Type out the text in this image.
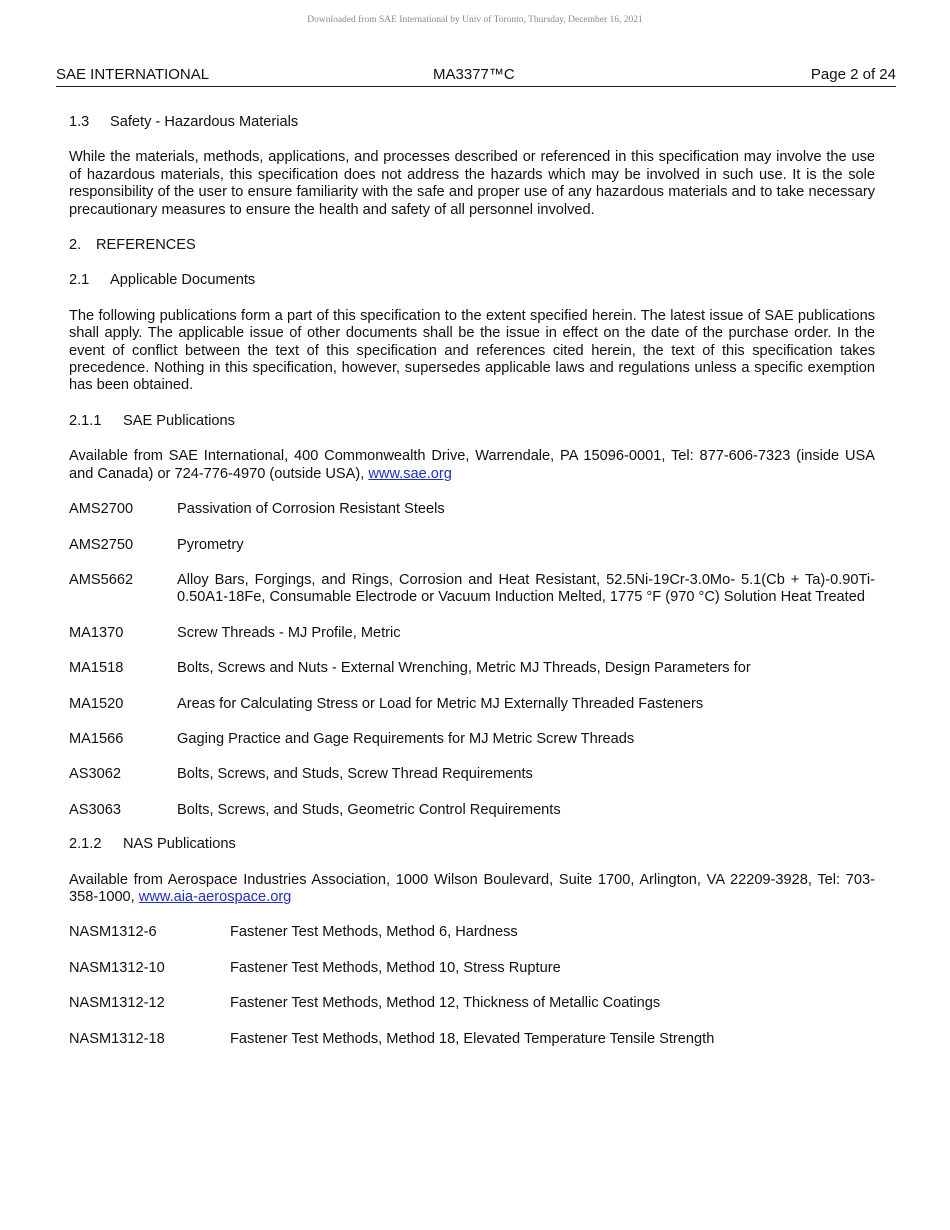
Downloaded from SAE International by Univ of Toronto, Thursday, December 16, 2021
SAE INTERNATIONAL	MA3377™C	Page 2 of 24
1.3 Safety - Hazardous Materials

While the materials, methods, applications, and processes described or referenced in this specification may involve the use of hazardous materials, this specification does not address the hazards which may be involved in such use. It is the sole responsibility of the user to ensure familiarity with the safe and proper use of any hazardous materials and to take necessary precautionary measures to ensure the health and safety of all personnel involved.

2. REFERENCES
2.1 Applicable Documents

The following publications form a part of this specification to the extent specified herein. The latest issue of SAE publications shall apply. The applicable issue of other documents shall be the issue in effect on the date of the purchase order. In the event of conflict between the text of this specification and references cited herein, the text of this specification takes precedence. Nothing in this specification, however, supersedes applicable laws and regulations unless a specific exemption has been obtained.

2.1.1 SAE Publications

Available from SAE International, 400 Commonwealth Drive, Warrendale, PA 15096-0001, Tel: 877-606-7323 (inside USA and Canada) or 724-776-4970 (outside USA), www.sae.org

AMS2700	Passivation of Corrosion Resistant Steels
AMS2750	Pyrometry
AMS5662	Alloy Bars, Forgings, and Rings, Corrosion and Heat Resistant, 52.5Ni-19Cr-3.0Mo- 5.1(Cb + Ta)-0.90Ti-0.50A1-18Fe, Consumable Electrode or Vacuum Induction Melted, 1775 °F (970 °C) Solution Heat Treated
MA1370	Screw Threads - MJ Profile, Metric
MA1518	Bolts, Screws and Nuts - External Wrenching, Metric MJ Threads, Design Parameters for
MA1520	Areas for Calculating Stress or Load for Metric MJ Externally Threaded Fasteners
MA1566	Gaging Practice and Gage Requirements for MJ Metric Screw Threads
AS3062	Bolts, Screws, and Studs, Screw Thread Requirements
AS3063	Bolts, Screws, and Studs, Geometric Control Requirements
2.1.2 NAS Publications

Available from Aerospace Industries Association, 1000 Wilson Boulevard, Suite 1700, Arlington, VA 22209-3928, Tel: 703-358-1000, www.aia-aerospace.org

NASM1312-6	Fastener Test Methods, Method 6, Hardness
NASM1312-10	Fastener Test Methods, Method 10, Stress Rupture
NASM1312-12	Fastener Test Methods, Method 12, Thickness of Metallic Coatings
NASM1312-18	Fastener Test Methods, Method 18, Elevated Temperature Tensile Strength
